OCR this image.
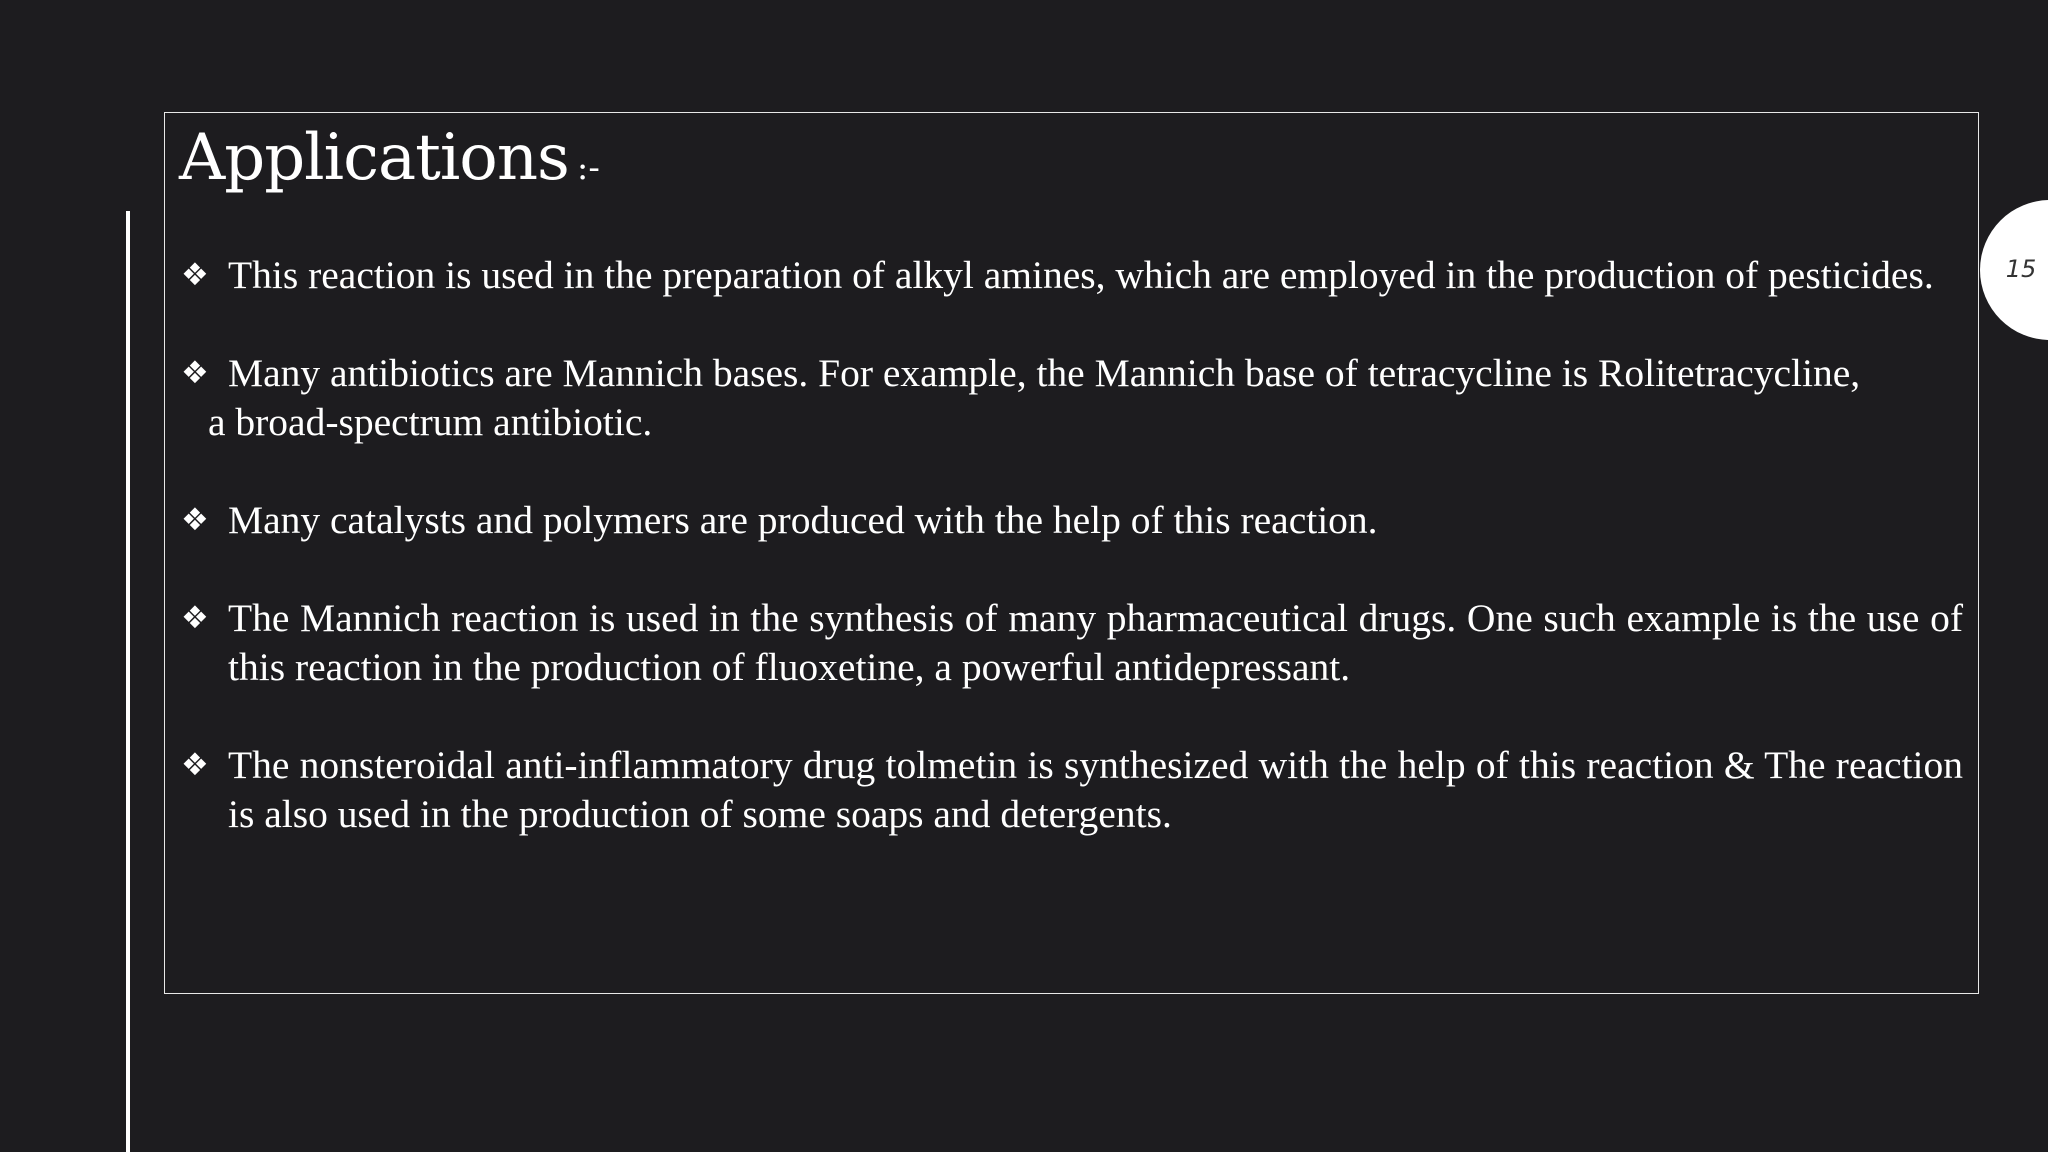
Applications :-
❖ This reaction is used in the preparation of alkyl amines, which are employed in the production of pesticides.
❖ Many antibiotics are Mannich bases. For example, the Mannich base of tetracycline is Rolitetracycline,
a broad-spectrum antibiotic.
❖ Many catalysts and polymers are produced with the help of this reaction.
❖ The Mannich reaction is used in the synthesis of many pharmaceutical drugs. One such example is the use of this reaction in the production of fluoxetine, a powerful antidepressant.
❖ The nonsteroidal anti-inflammatory drug tolmetin is synthesized with the help of this reaction & The reaction is also used in the production of some soaps and detergents.
15
